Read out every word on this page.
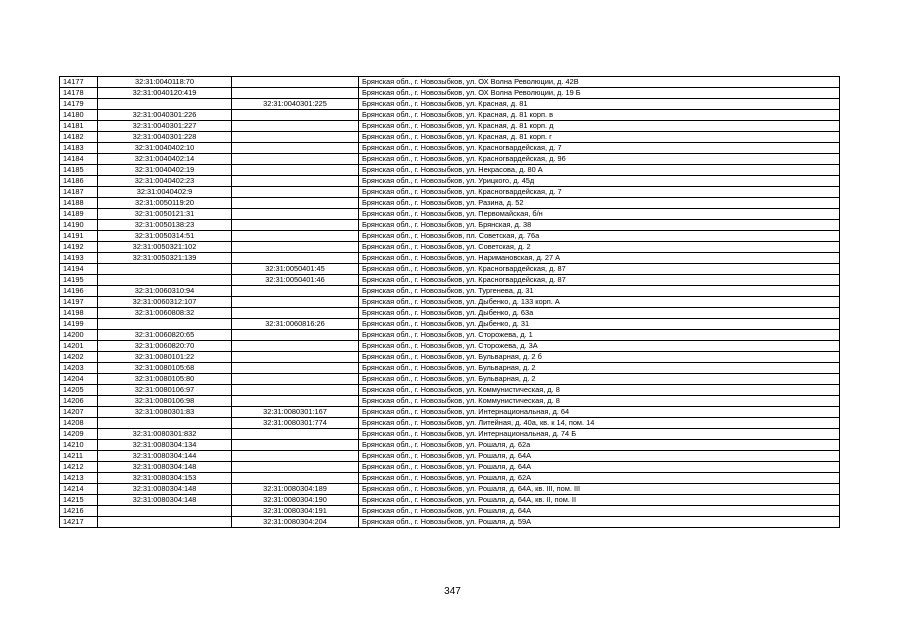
14177	32:31:0040118:70		Брянская обл., г. Новозыбков, ул. ОХ Волна Революции, д. 42В
14178	32:31:0040120:419		Брянская обл., г. Новозыбков, ул. ОХ Волна Революции, д. 19 Б
14179		32:31:0040301:225	Брянская обл., г. Новозыбков, ул. Красная, д. 81
14180	32:31:0040301:226		Брянская обл., г. Новозыбков, ул. Красная, д. 81 корп. в
14181	32:31:0040301:227		Брянская обл., г. Новозыбков, ул. Красная, д. 81 корп. д
14182	32:31:0040301:228		Брянская обл., г. Новозыбков, ул. Красная, д. 81 корп. г
14183	32:31:0040402:10		Брянская обл., г. Новозыбков, ул. Красногвардейская, д. 7
14184	32:31:0040402:14		Брянская обл., г. Новозыбков, ул. Красногвардейская, д. 96
14185	32:31:0040402:19		Брянская обл., г. Новозыбков, ул. Некрасова, д. 80 А
14186	32:31:0040402:23		Брянская обл., г. Новозыбков, ул. Урицкого, д. 45д
14187	32:31:0040402:9		Брянская обл., г. Новозыбков, ул. Красногвардейская, д. 7
14188	32:31:0050119:20		Брянская обл., г. Новозыбков, ул. Разина, д. 52
14189	32:31:0050121:31		Брянская обл., г. Новозыбков, ул. Первомайская, б/н
14190	32:31:0050138:23		Брянская обл., г. Новозыбков, ул. Брянская, д. 38
14191	32:31:0050314:51		Брянская обл., г. Новозыбков, пл. Советская, д. 76а
14192	32:31:0050321:102		Брянская обл., г. Новозыбков, ул. Советская, д. 2
14193	32:31:0050321:139		Брянская обл., г. Новозыбков, ул. Наримановская, д. 27 А
14194		32:31:0050401:45	Брянская обл., г. Новозыбков, ул. Красногвардейская, д. 87
14195		32:31:0050401:46	Брянская обл., г. Новозыбков, ул. Красногвардейская, д. 87
14196	32:31:0060310:94		Брянская обл., г. Новозыбков, ул. Тургенева, д. 31
14197	32:31:0060312:107		Брянская обл., г. Новозыбков, ул. Дыбенко, д. 133 корп. А
14198	32:31:0060808:32		Брянская обл., г. Новозыбков, ул. Дыбенко, д. 63а
14199		32:31:0060816:26	Брянская обл., г. Новозыбков, ул. Дыбенко, д. 31
14200	32:31:0060820:65		Брянская обл., г. Новозыбков, ул. Сторожева, д. 1
14201	32:31:0060820:70		Брянская обл., г. Новозыбков, ул. Сторожева, д. 3А
14202	32:31:0080101:22		Брянская обл., г. Новозыбков, ул. Бульварная, д. 2 б
14203	32:31:0080105:68		Брянская обл., г. Новозыбков, ул. Бульварная, д. 2
14204	32:31:0080105:80		Брянская обл., г. Новозыбков, ул. Бульварная, д. 2
14205	32:31:0080106:97		Брянская обл., г. Новозыбков, ул. Коммунистическая, д. 8
14206	32:31:0080106:98		Брянская обл., г. Новозыбков, ул. Коммунистическая, д. 8
14207	32:31:0080301:83	32:31:0080301:167	Брянская обл., г. Новозыбков, ул. Интернациональная, д. 64
14208		32:31:0080301:774	Брянская обл., г. Новозыбков, ул. Литейная, д. 40а, кв. к 14, пом. 14
14209	32:31:0080301:832		Брянская обл., г. Новозыбков, ул. Интернациональная, д. 74 Б
14210	32:31:0080304:134		Брянская обл., г. Новозыбков, ул. Рошаля, д. 62а
14211	32:31:0080304:144		Брянская обл., г. Новозыбков, ул. Рошаля, д. 64А
14212	32:31:0080304:148		Брянская обл., г. Новозыбков, ул. Рошаля, д. 64А
14213	32:31:0080304:153		Брянская обл., г. Новозыбков, ул. Рошаля, д. 62А
14214	32:31:0080304:148	32:31:0080304:189	Брянская обл., г. Новозыбков, ул. Рошаля, д. 64А, кв. III, пом. III
14215	32:31:0080304:148	32:31:0080304:190	Брянская обл., г. Новозыбков, ул. Рошаля, д. 64А, кв. II, пом. II
14216		32:31:0080304:191	Брянская обл., г. Новозыбков, ул. Рошаля, д. 64А
14217		32:31:0080304:204	Брянская обл., г. Новозыбков, ул. Рошаля, д. 59А
347
